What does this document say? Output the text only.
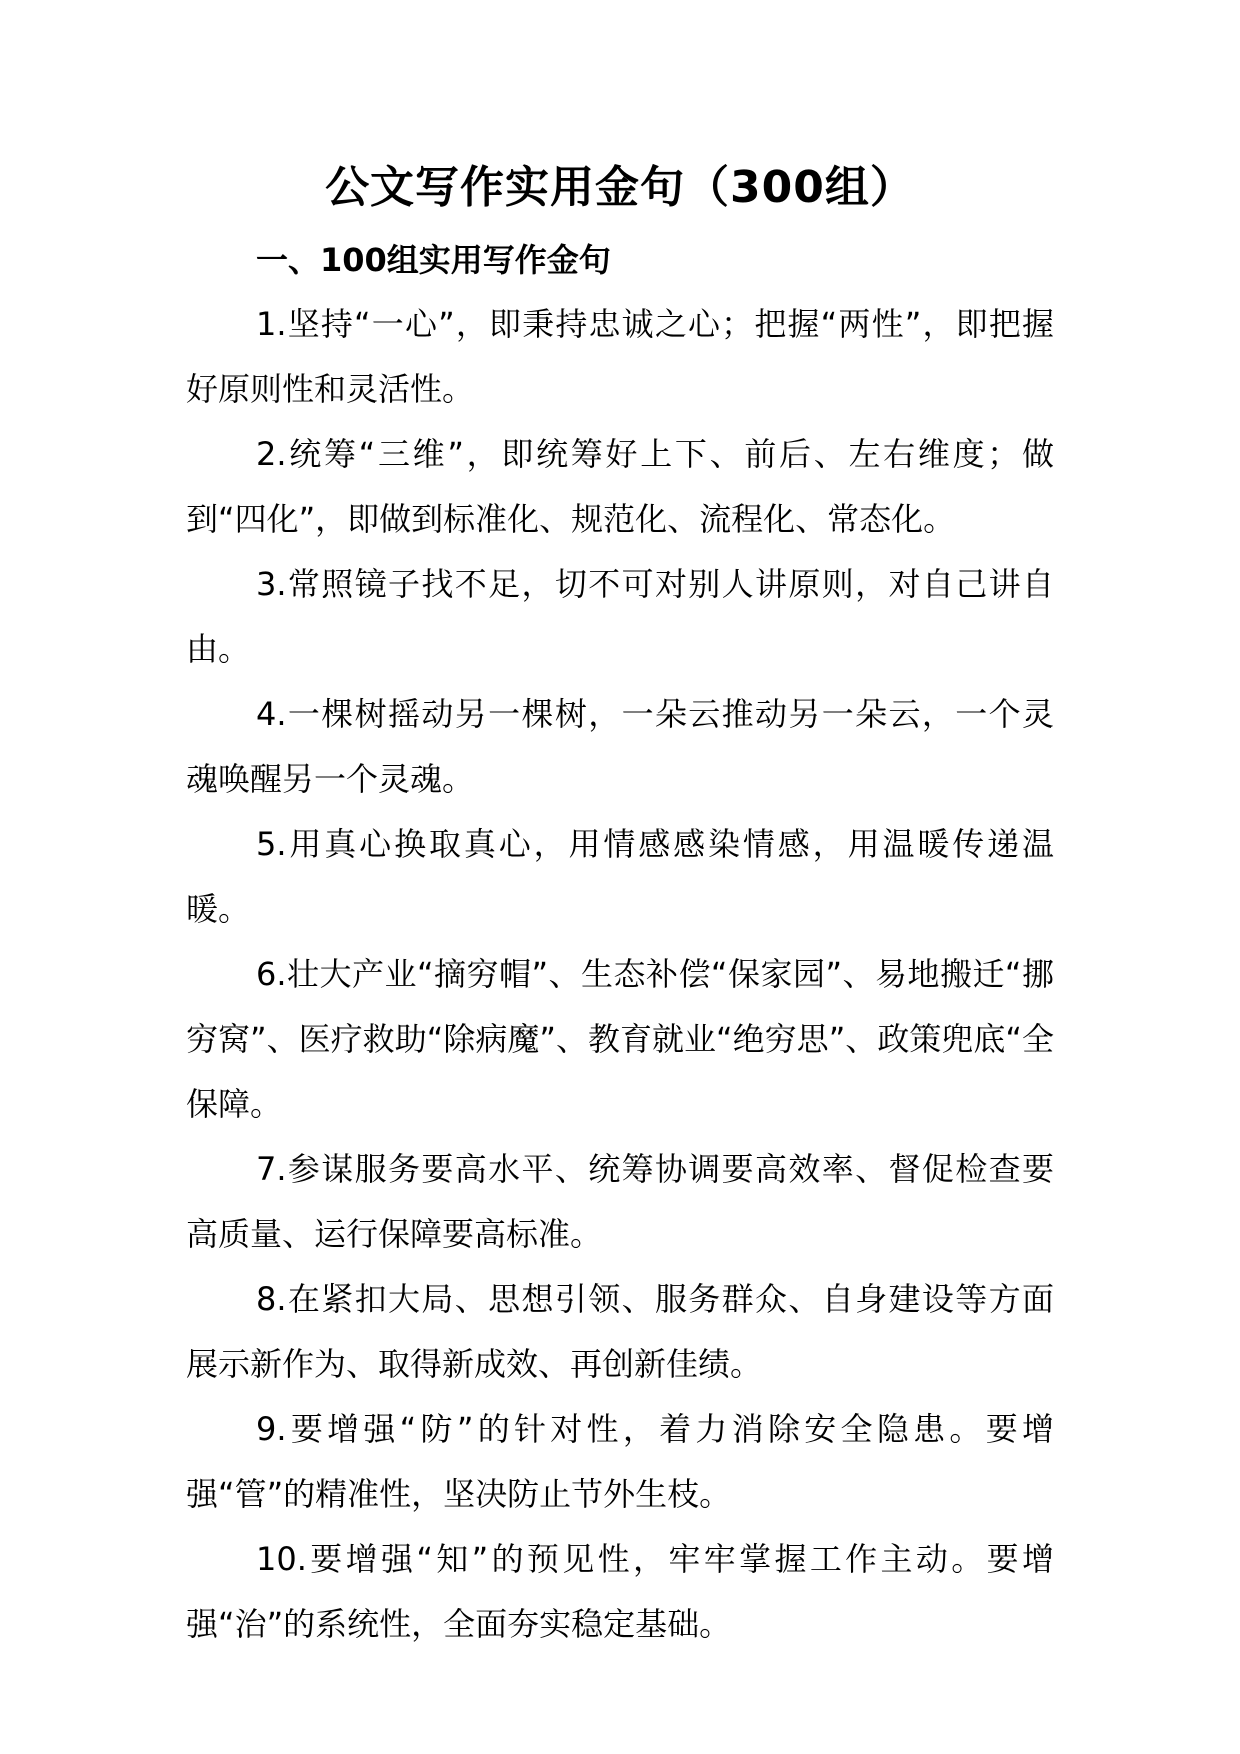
公文写作实用金句（300组）
一、100组实用写作金句

1.坚持“一心”，即秉持忠诚之心；把握“两性”，即把握好原则性和灵活性。

2.统筹“三维”，即统筹好上下、前后、左右维度；做到“四化”，即做到标准化、规范化、流程化、常态化。

3.常照镜子找不足，切不可对别人讲原则，对自己讲自由。

4.一棵树摇动另一棵树，一朵云推动另一朵云，一个灵魂唤醒另一个灵魂。

5.用真心换取真心，用情感感染情感，用温暖传递温暖。

6.壮大产业“摘穷帽”、生态补偿“保家园”、易地搬迁“挪穷窝”、医疗救助“除病魔”、教育就业“绝穷思”、政策兜底“全保障。

7.参谋服务要高水平、统筹协调要高效率、督促检查要高质量、运行保障要高标准。

8.在紧扣大局、思想引领、服务群众、自身建设等方面展示新作为、取得新成效、再创新佳绩。

9.要增强“防”的针对性，着力消除安全隐患。要增强“管”的精准性，坚决防止节外生枝。

10.要增强“知”的预见性，牢牢掌握工作主动。要增强“治”的系统性，全面夯实稳定基础。
